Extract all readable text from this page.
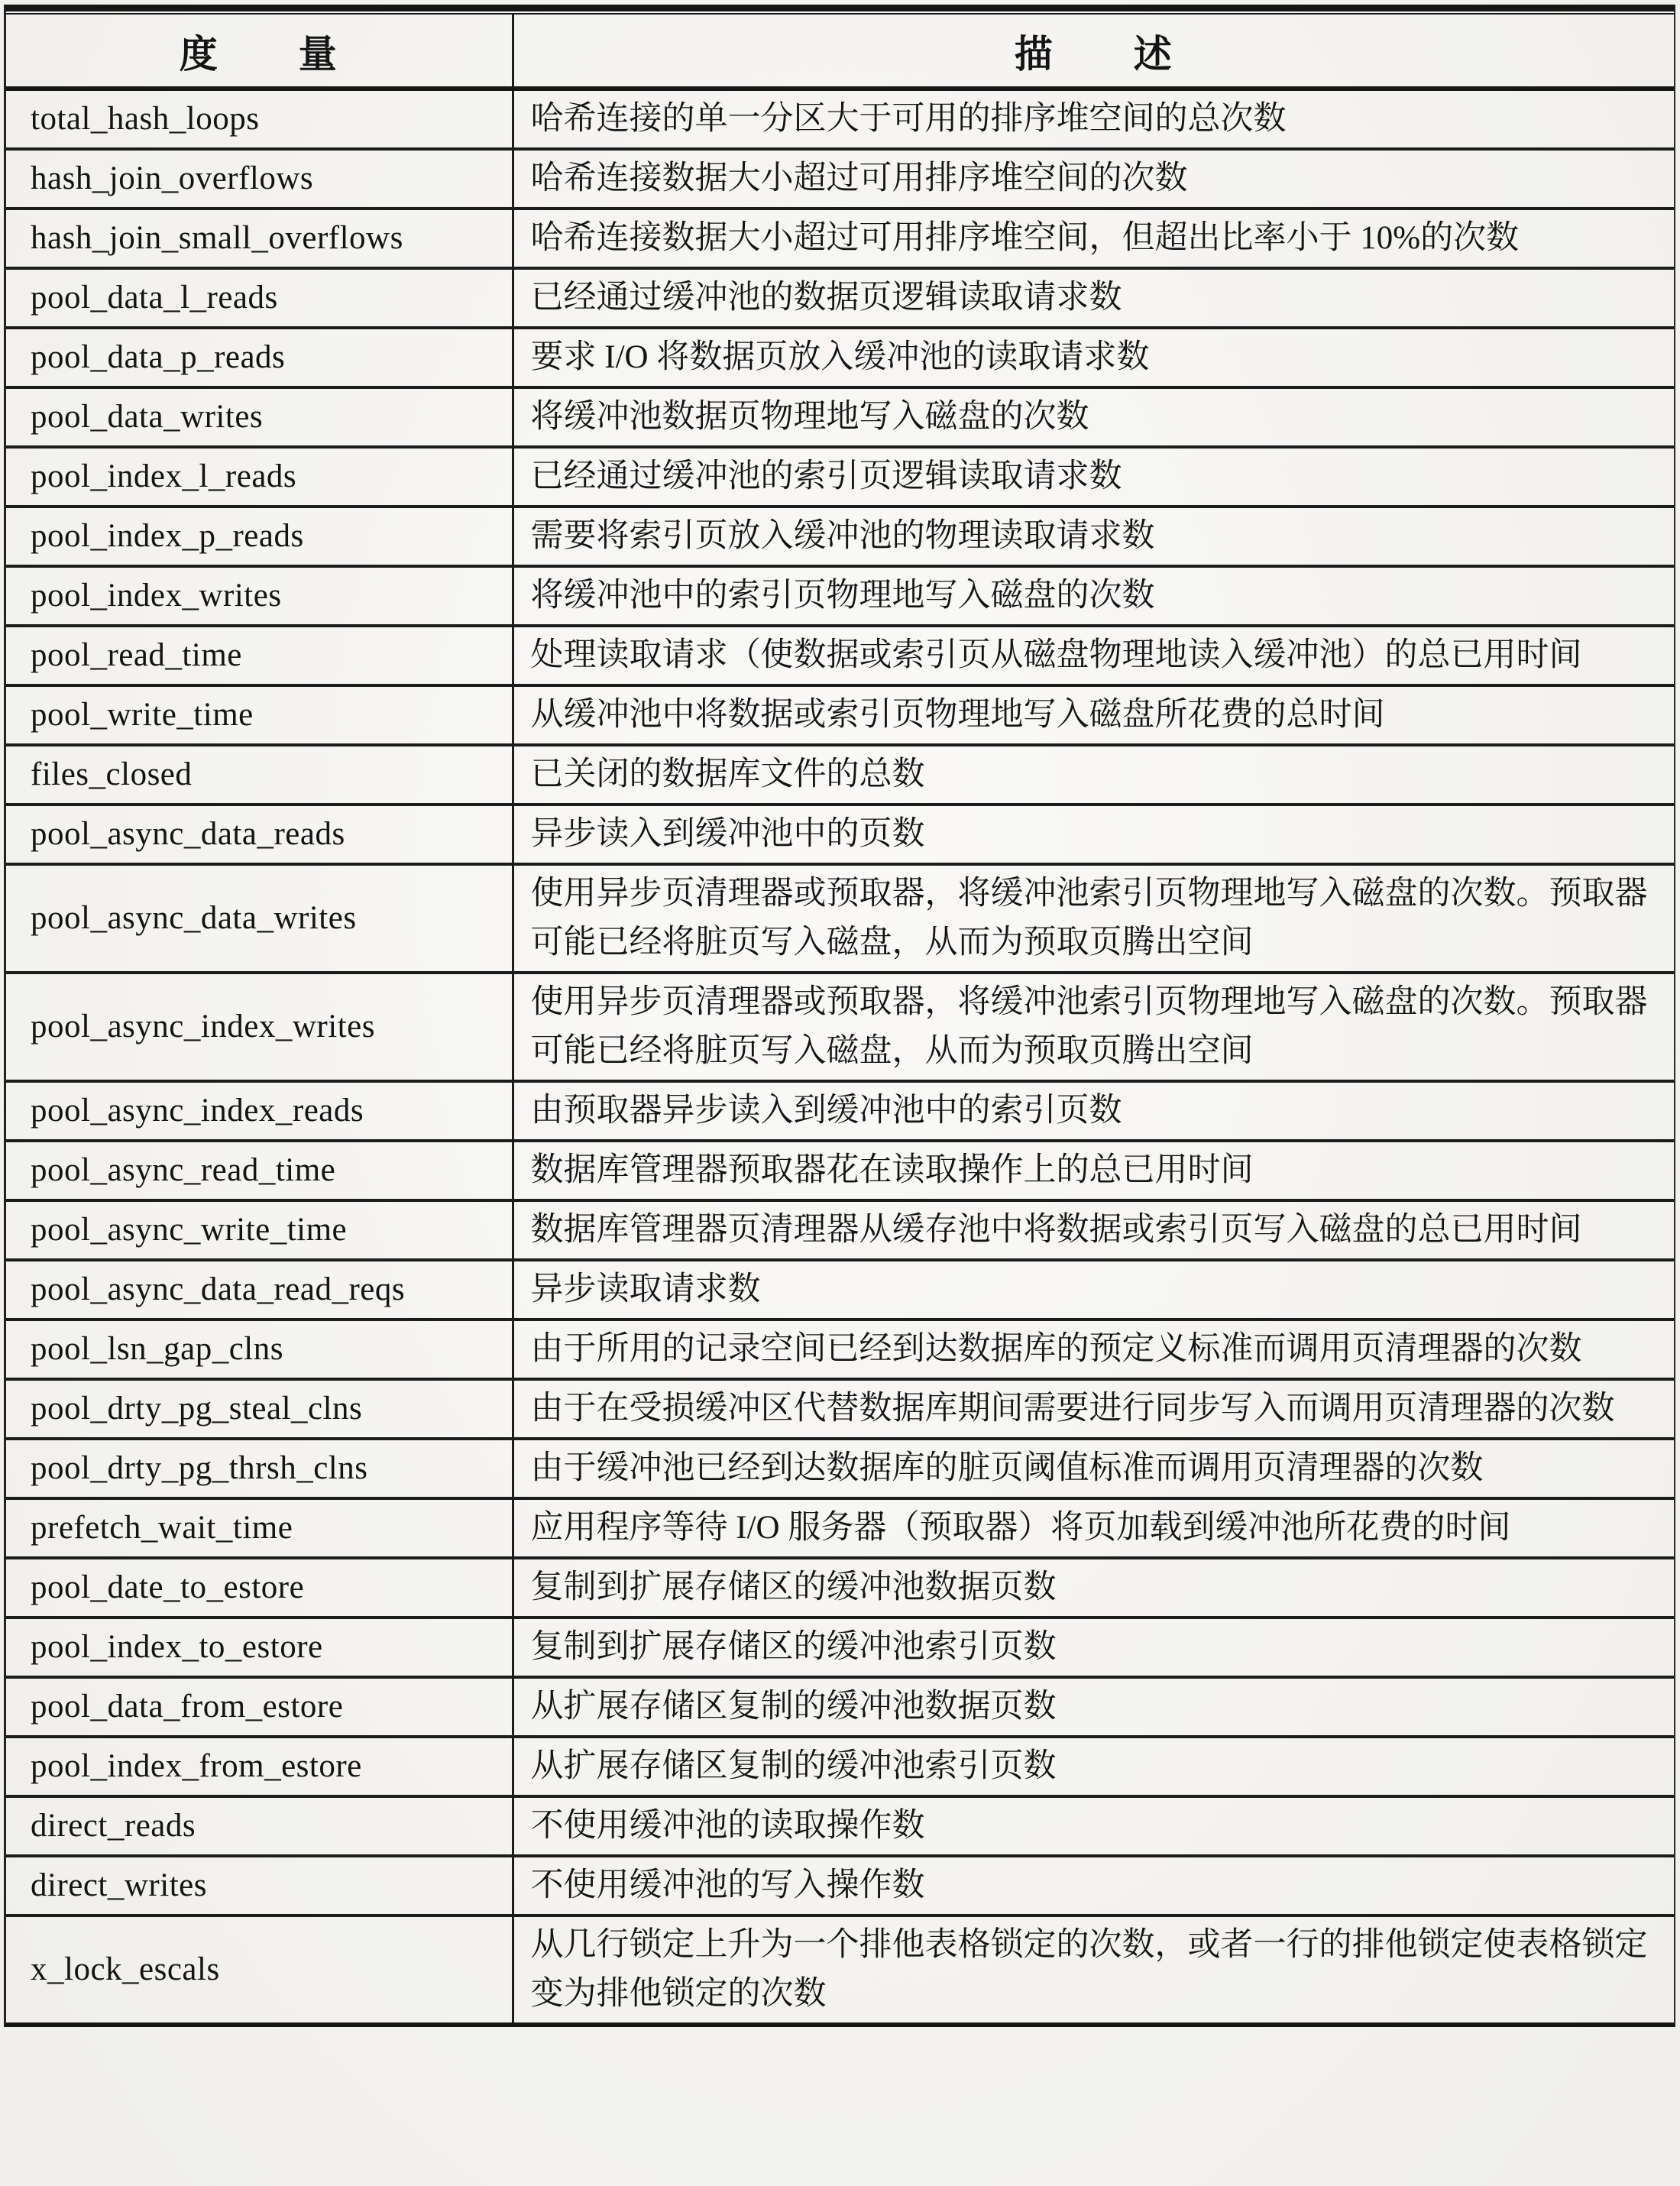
度　　量	描　　述
total_hash_loops	哈希连接的单一分区大于可用的排序堆空间的总次数
hash_join_overflows	哈希连接数据大小超过可用排序堆空间的次数
hash_join_small_overflows	哈希连接数据大小超过可用排序堆空间，但超出比率小于 10%的次数
pool_data_l_reads	已经通过缓冲池的数据页逻辑读取请求数
pool_data_p_reads	要求 I/O 将数据页放入缓冲池的读取请求数
pool_data_writes	将缓冲池数据页物理地写入磁盘的次数
pool_index_l_reads	已经通过缓冲池的索引页逻辑读取请求数
pool_index_p_reads	需要将索引页放入缓冲池的物理读取请求数
pool_index_writes	将缓冲池中的索引页物理地写入磁盘的次数
pool_read_time	处理读取请求（使数据或索引页从磁盘物理地读入缓冲池）的总已用时间
pool_write_time	从缓冲池中将数据或索引页物理地写入磁盘所花费的总时间
files_closed	已关闭的数据库文件的总数
pool_async_data_reads	异步读入到缓冲池中的页数
pool_async_data_writes	使用异步页清理器或预取器，将缓冲池索引页物理地写入磁盘的次数。预取器可能已经将脏页写入磁盘，从而为预取页腾出空间
pool_async_index_writes	使用异步页清理器或预取器，将缓冲池索引页物理地写入磁盘的次数。预取器可能已经将脏页写入磁盘，从而为预取页腾出空间
pool_async_index_reads	由预取器异步读入到缓冲池中的索引页数
pool_async_read_time	数据库管理器预取器花在读取操作上的总已用时间
pool_async_write_time	数据库管理器页清理器从缓存池中将数据或索引页写入磁盘的总已用时间
pool_async_data_read_reqs	异步读取请求数
pool_lsn_gap_clns	由于所用的记录空间已经到达数据库的预定义标准而调用页清理器的次数
pool_drty_pg_steal_clns	由于在受损缓冲区代替数据库期间需要进行同步写入而调用页清理器的次数
pool_drty_pg_thrsh_clns	由于缓冲池已经到达数据库的脏页阈值标准而调用页清理器的次数
prefetch_wait_time	应用程序等待 I/O 服务器（预取器）将页加载到缓冲池所花费的时间
pool_date_to_estore	复制到扩展存储区的缓冲池数据页数
pool_index_to_estore	复制到扩展存储区的缓冲池索引页数
pool_data_from_estore	从扩展存储区复制的缓冲池数据页数
pool_index_from_estore	从扩展存储区复制的缓冲池索引页数
direct_reads	不使用缓冲池的读取操作数
direct_writes	不使用缓冲池的写入操作数
x_lock_escals	从几行锁定上升为一个排他表格锁定的次数，或者一行的排他锁定使表格锁定变为排他锁定的次数
